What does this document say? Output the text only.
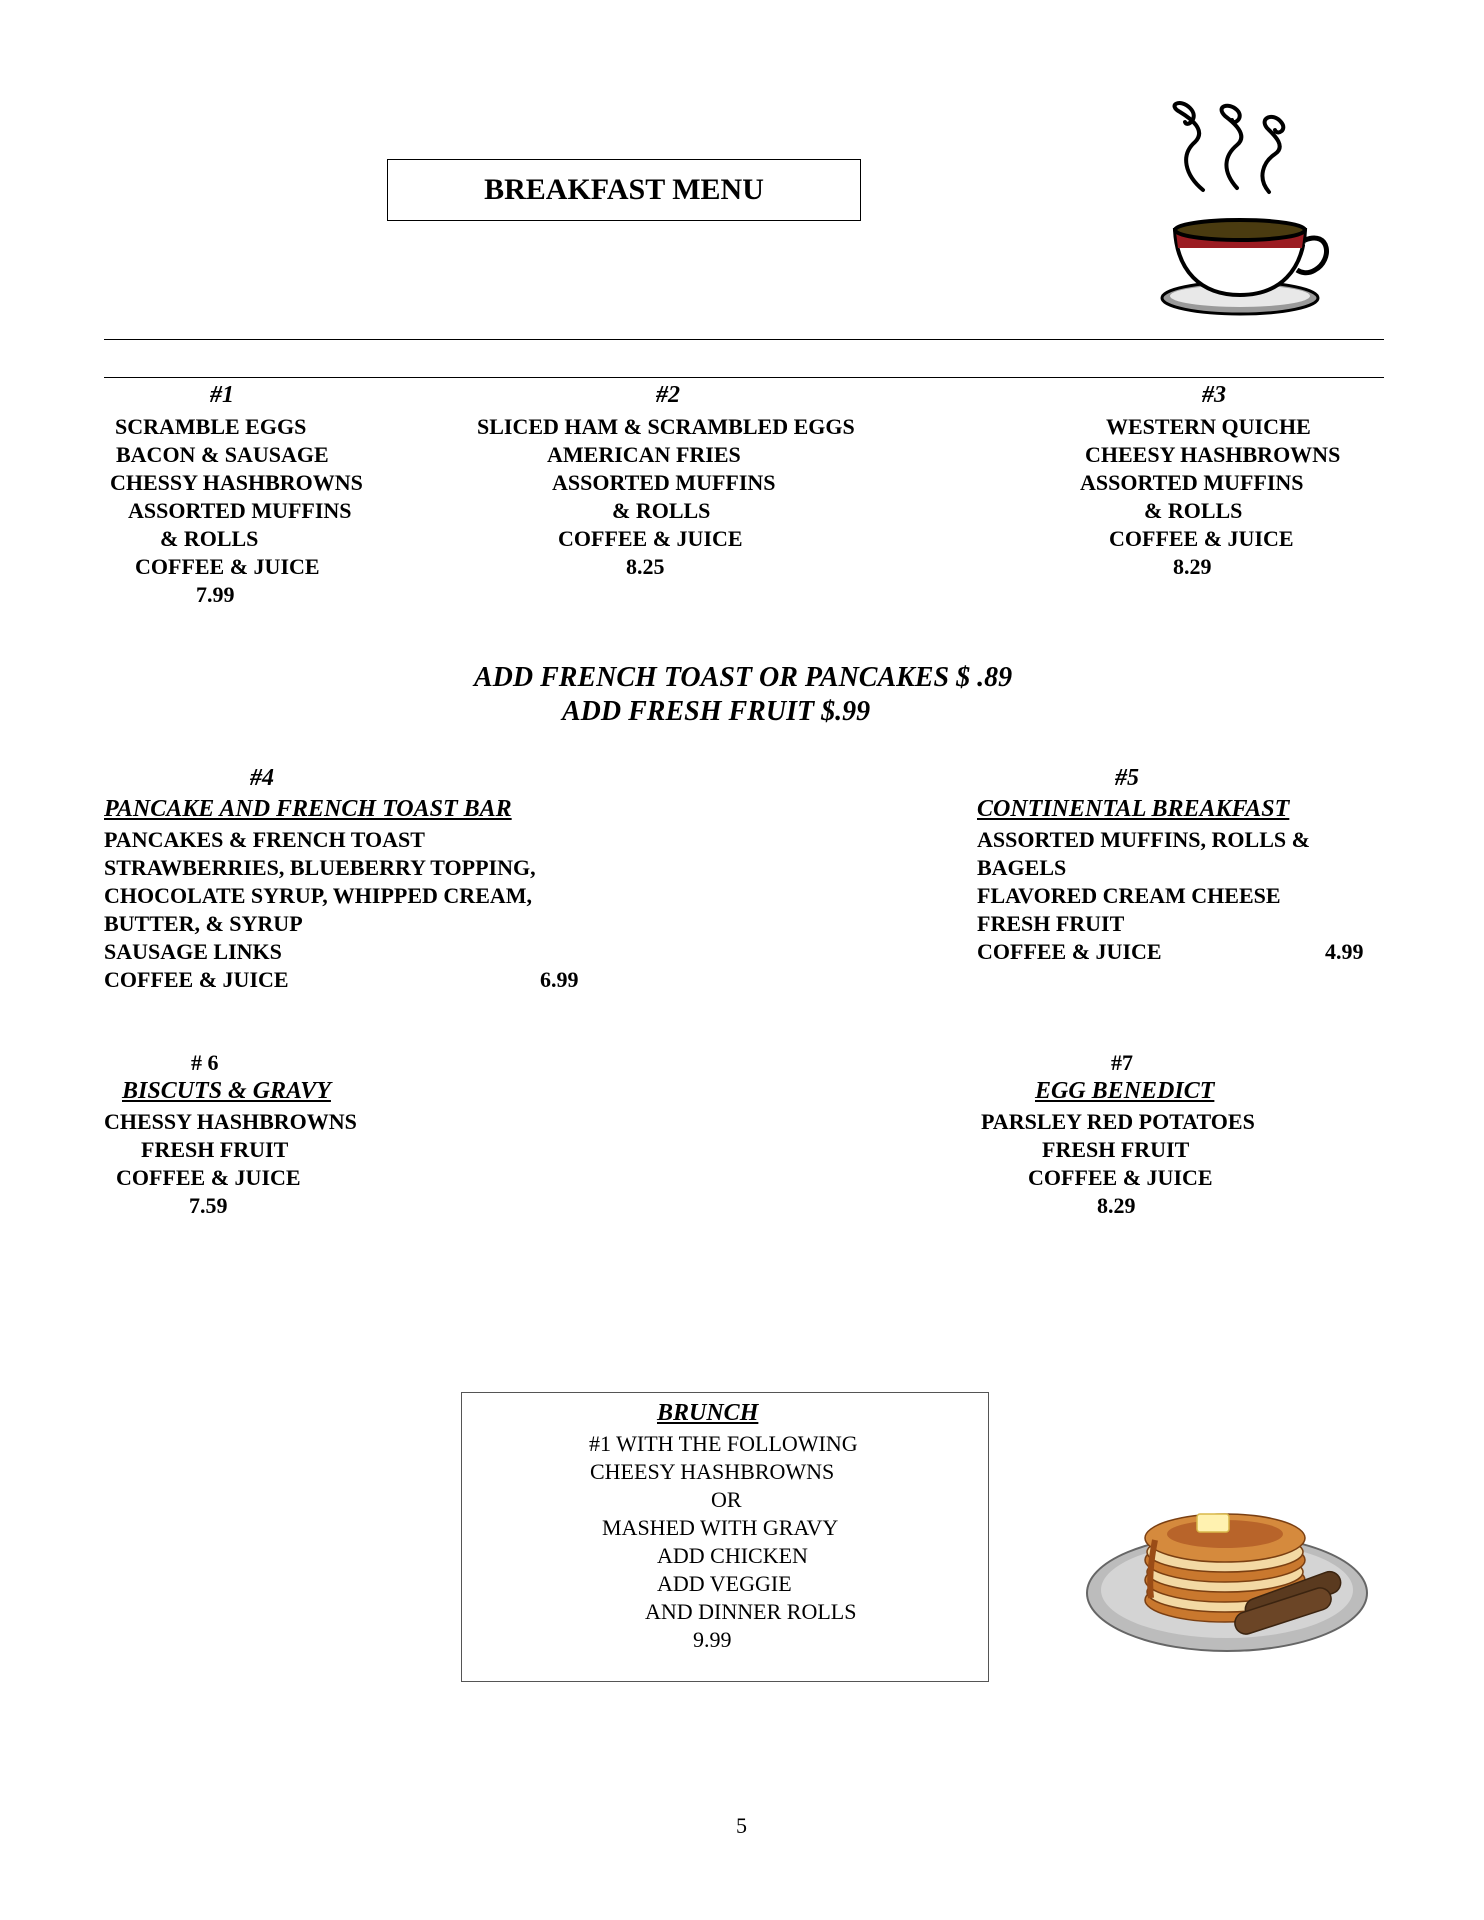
BREAKFAST MENU
#1
SCRAMBLE EGGS
BACON & SAUSAGE
CHESSY HASHBROWNS
ASSORTED MUFFINS
& ROLLS
COFFEE & JUICE
7.99
#2
SLICED HAM & SCRAMBLED EGGS
AMERICAN FRIES
ASSORTED MUFFINS
& ROLLS
COFFEE & JUICE
8.25
#3
WESTERN QUICHE
CHEESY HASHBROWNS
ASSORTED MUFFINS
& ROLLS
COFFEE & JUICE
8.29
ADD FRENCH TOAST OR PANCAKES $ .89
ADD FRESH FRUIT $.99
#4
PANCAKE AND FRENCH TOAST BAR
PANCAKES & FRENCH TOAST
STRAWBERRIES, BLUEBERRY TOPPING,
CHOCOLATE SYRUP, WHIPPED CREAM,
BUTTER, & SYRUP
SAUSAGE LINKS
COFFEE & JUICE	6.99
#5
CONTINENTAL BREAKFAST
ASSORTED MUFFINS, ROLLS &
BAGELS
FLAVORED CREAM CHEESE
FRESH FRUIT
COFFEE & JUICE	4.99
# 6
BISCUTS & GRAVY
CHESSY HASHBROWNS
FRESH FRUIT
COFFEE & JUICE
7.59
#7
EGG BENEDICT
PARSLEY RED POTATOES
FRESH FRUIT
COFFEE & JUICE
8.29
BRUNCH
#1 WITH THE FOLLOWING
CHEESY HASHBROWNS
OR
MASHED WITH GRAVY
ADD CHICKEN
ADD VEGGIE
AND DINNER ROLLS
9.99
5
